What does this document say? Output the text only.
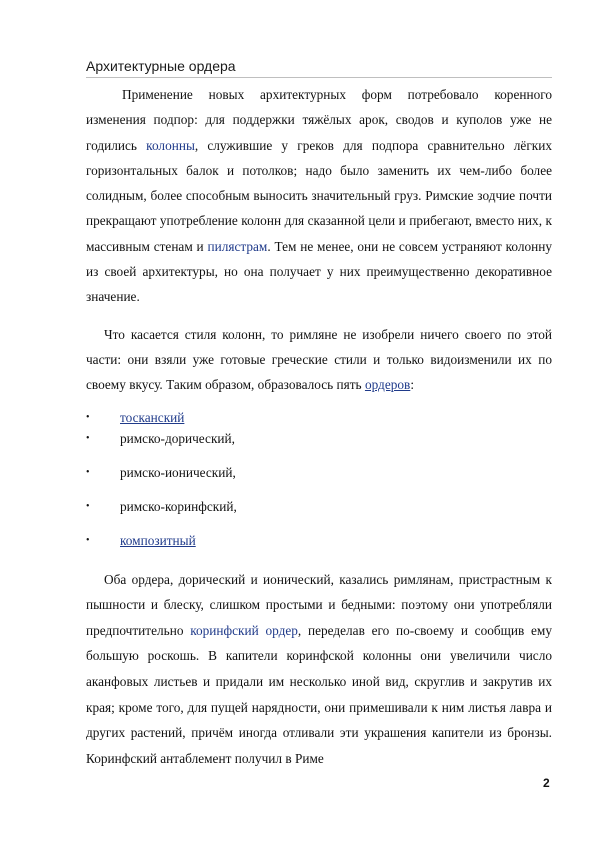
Архитектурные ордера

Применение новых архитектурных форм потребовало коренного изменения подпор: для поддержки тяжёлых арок, сводов и куполов уже не годились колонны, служившие у греков для подпора сравнительно лёгких горизонтальных балок и потолков; надо было заменить их чем-либо более солидным, более способным выносить значительный груз. Римские зодчие почти прекращают употребление колонн для сказанной цели и прибегают, вместо них, к массивным стенам и пилястрам. Тем не менее, они не совсем устраняют колонну из своей архитектуры, но она получает у них преимущественно декоративное значение.

Что касается стиля колонн, то римляне не изобрели ничего своего по этой части: они взяли уже готовые греческие стили и только видоизменили их по своему вкусу. Таким образом, образовалось пять ордеров:

• тосканский
• римско-дорический,
• римско-ионический,
• римско-коринфский,
• композитный

Оба ордера, дорический и ионический, казались римлянам, пристрастным к пышности и блеску, слишком простыми и бедными: поэтому они употребляли предпочтительно коринфский ордер, переделав его по-своему и сообщив ему большую роскошь. В капители коринфской колонны они увеличили число аканфовых листьев и придали им несколько иной вид, скруглив и закрутив их края; кроме того, для пущей нарядности, они примешивали к ним листья лавра и других растений, причём иногда отливали эти украшения капители из бронзы. Коринфский антаблемент получил в Риме

2
